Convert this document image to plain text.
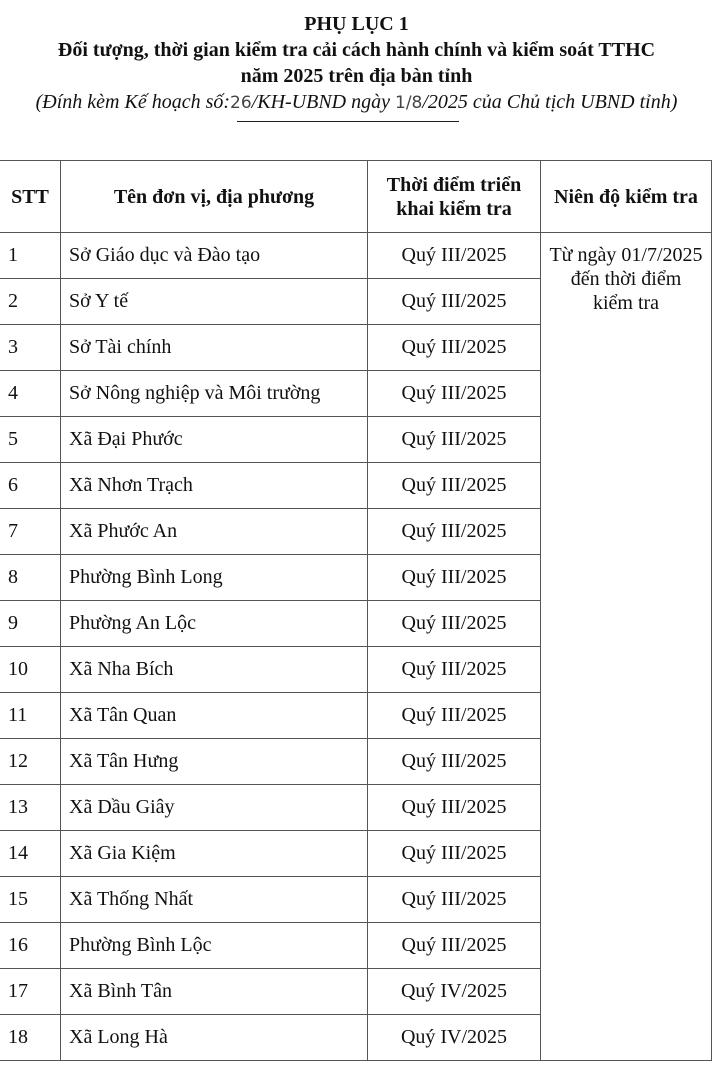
PHỤ LỤC 1
Đối tượng, thời gian kiểm tra cải cách hành chính và kiểm soát TTHC
năm 2025 trên địa bàn tỉnh
(Đính kèm Kế hoạch số:26/KH-UBND ngày 1/8/2025 của Chủ tịch UBND tỉnh)
STT	Tên đơn vị, địa phương	Thời điểm triển khai kiểm tra	Niên độ kiểm tra
1	Sở Giáo dục và Đào tạo	Quý III/2025	Từ ngày 01/7/2025 đến thời điểm kiểm tra
2	Sở Y tế	Quý III/2025	
3	Sở Tài chính	Quý III/2025	
4	Sở Nông nghiệp và Môi trường	Quý III/2025	
5	Xã Đại Phước	Quý III/2025	
6	Xã Nhơn Trạch	Quý III/2025	
7	Xã Phước An	Quý III/2025	
8	Phường Bình Long	Quý III/2025	
9	Phường An Lộc	Quý III/2025	
10	Xã Nha Bích	Quý III/2025	
11	Xã Tân Quan	Quý III/2025	
12	Xã Tân Hưng	Quý III/2025	
13	Xã Dầu Giây	Quý III/2025	
14	Xã Gia Kiệm	Quý III/2025	
15	Xã Thống Nhất	Quý III/2025	
16	Phường Bình Lộc	Quý III/2025	
17	Xã Bình Tân	Quý IV/2025	
18	Xã Long Hà	Quý IV/2025	
